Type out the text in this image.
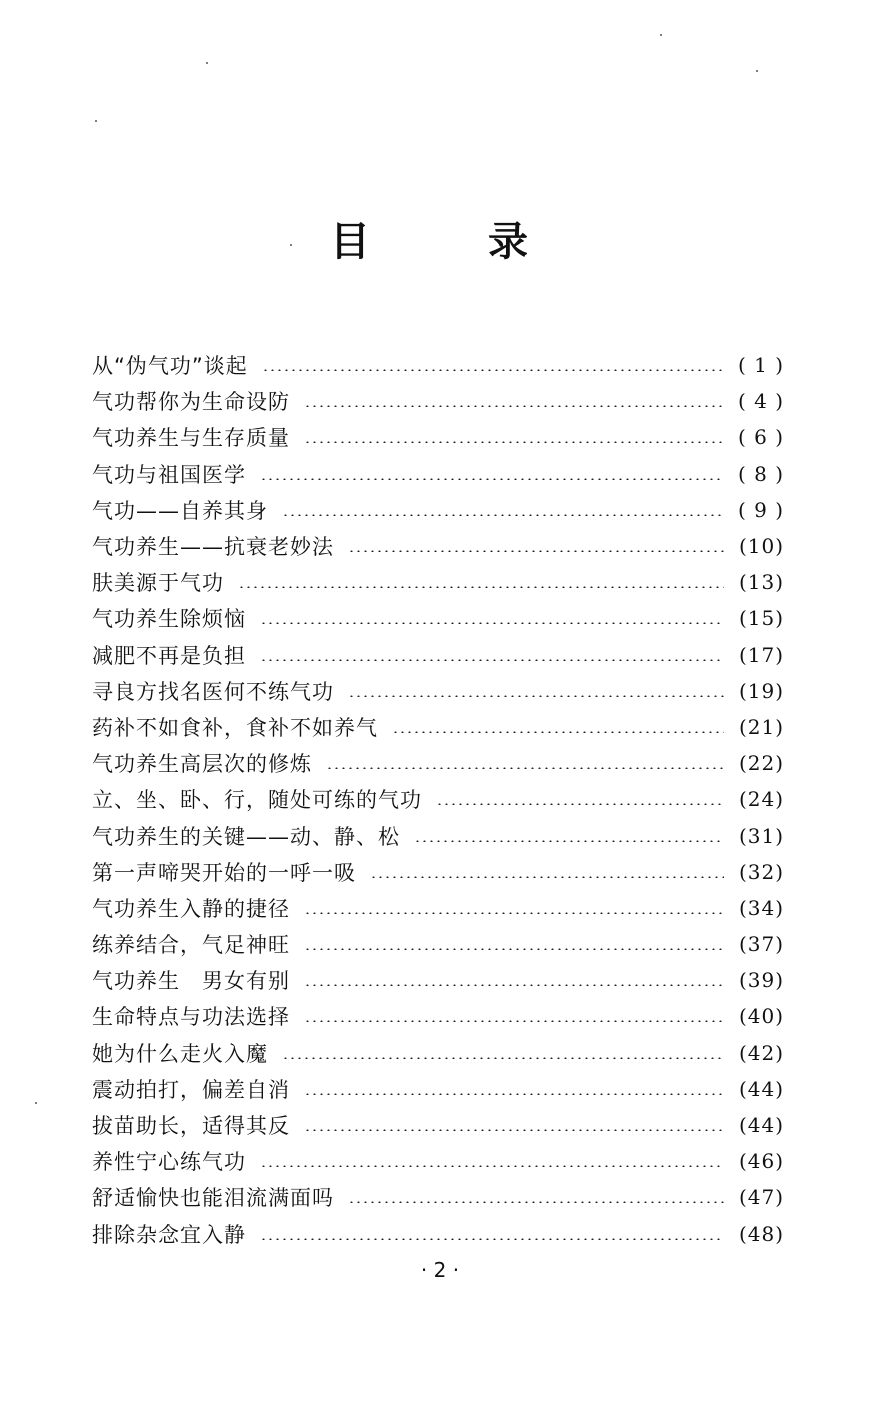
目	录
从“伪气功”谈起	( 1 )
气功帮你为生命设防	( 4 )
气功养生与生存质量	( 6 )
气功与祖国医学	( 8 )
气功——自养其身	( 9 )
气功养生——抗衰老妙法	(10)
肤美源于气功	(13)
气功养生除烦恼	(15)
减肥不再是负担	(17)
寻良方找名医何不练气功	(19)
药补不如食补，食补不如养气	(21)
气功养生高层次的修炼	(22)
立、坐、卧、行，随处可练的气功	(24)
气功养生的关键——动、静、松	(31)
第一声啼哭开始的一呼一吸	(32)
气功养生入静的捷径	(34)
练养结合，气足神旺	(37)
气功养生　男女有别	(39)
生命特点与功法选择	(40)
她为什么走火入魔	(42)
震动拍打，偏差自消	(44)
拔苗助长，适得其反	(44)
养性宁心练气功	(46)
舒适愉快也能泪流满面吗	(47)
排除杂念宜入静	(48)
· 2 ·
